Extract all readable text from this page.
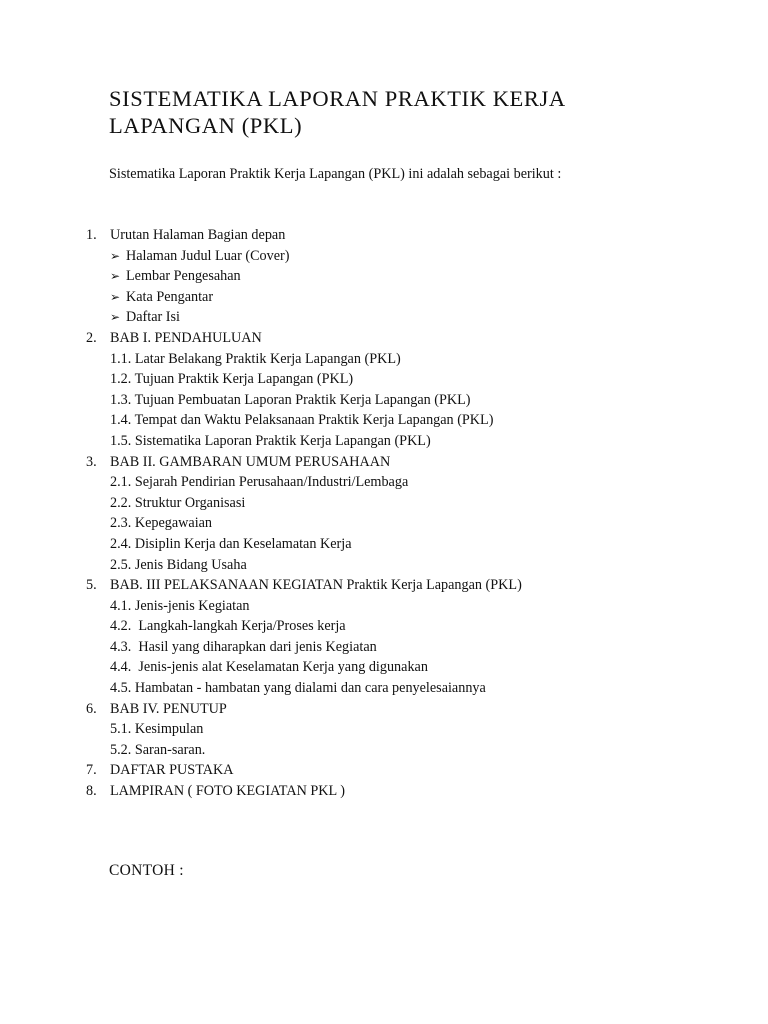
SISTEMATIKA LAPORAN PRAKTIK KERJA LAPANGAN (PKL)
Sistematika Laporan Praktik Kerja Lapangan (PKL) ini adalah sebagai berikut :
1. Urutan Halaman Bagian depan
➢ Halaman Judul Luar (Cover)
➢ Lembar Pengesahan
➢ Kata Pengantar
➢ Daftar Isi
2. BAB I. PENDAHULUAN
1.1. Latar Belakang Praktik Kerja Lapangan (PKL)
1.2. Tujuan Praktik Kerja Lapangan (PKL)
1.3. Tujuan Pembuatan Laporan Praktik Kerja Lapangan (PKL)
1.4. Tempat dan Waktu Pelaksanaan Praktik Kerja Lapangan (PKL)
1.5. Sistematika Laporan Praktik Kerja Lapangan (PKL)
3. BAB II. GAMBARAN UMUM PERUSAHAAN
2.1. Sejarah Pendirian Perusahaan/Industri/Lembaga
2.2. Struktur Organisasi
2.3. Kepegawaian
2.4. Disiplin Kerja dan Keselamatan Kerja
2.5. Jenis Bidang Usaha
5. BAB. III PELAKSANAAN KEGIATAN Praktik Kerja Lapangan (PKL)
4.1. Jenis-jenis Kegiatan
4.2.  Langkah-langkah Kerja/Proses kerja
4.3.  Hasil yang diharapkan dari jenis Kegiatan
4.4.  Jenis-jenis alat Keselamatan Kerja yang digunakan
4.5. Hambatan - hambatan yang dialami dan cara penyelesaiannya
6. BAB IV. PENUTUP
5.1. Kesimpulan
5.2. Saran-saran.
7. DAFTAR PUSTAKA
8. LAMPIRAN ( FOTO KEGIATAN PKL )
CONTOH :
